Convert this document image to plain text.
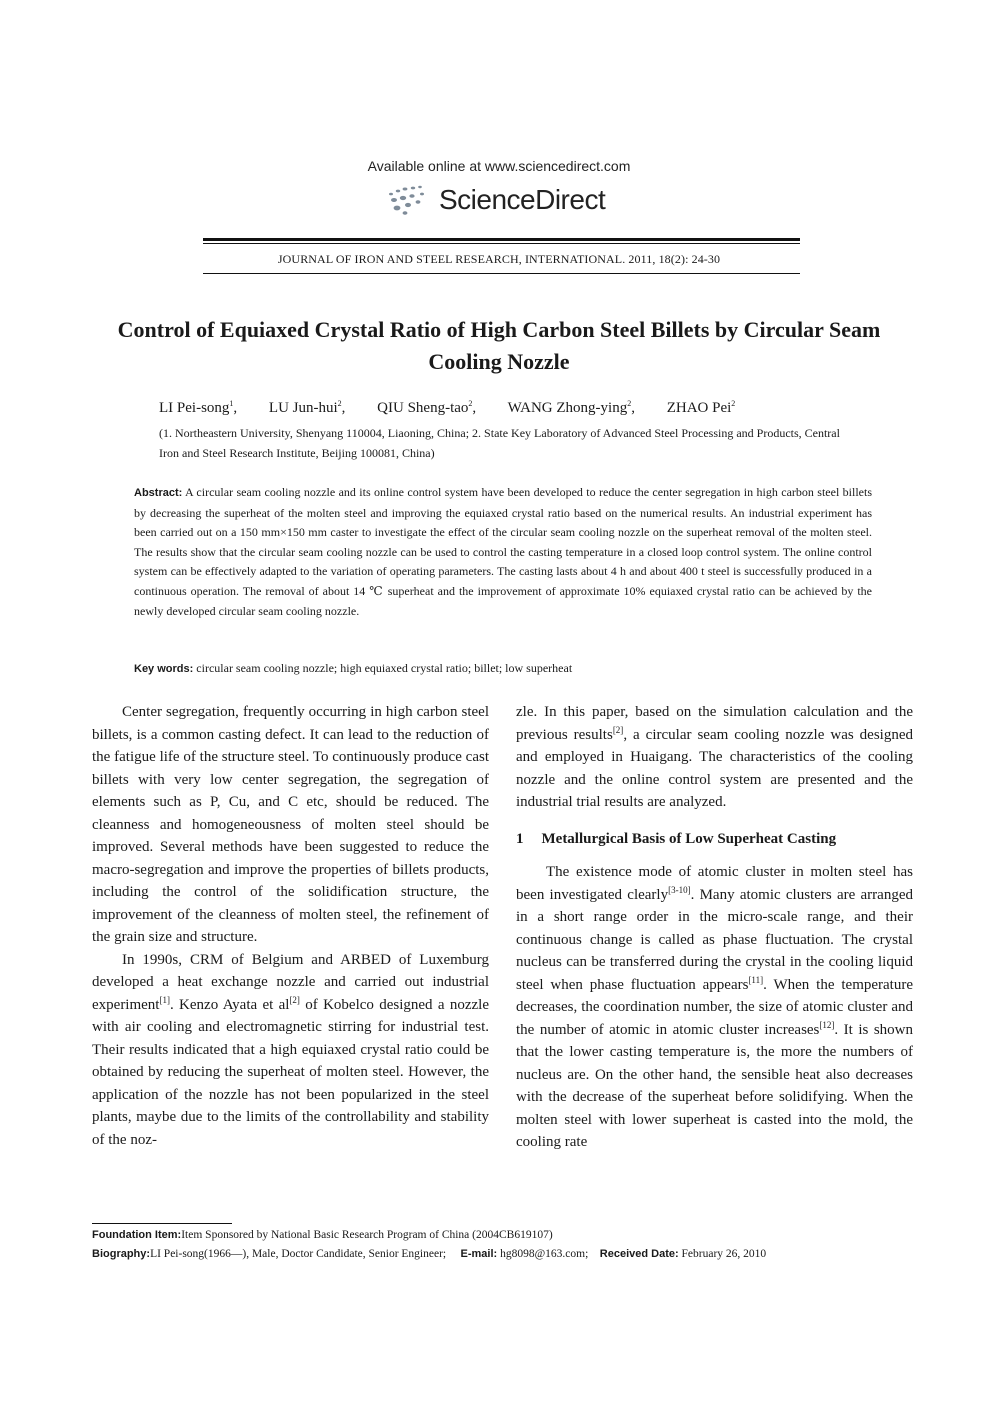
Available online at www.sciencedirect.com
ScienceDirect
JOURNAL OF IRON AND STEEL RESEARCH, INTERNATIONAL. 2011, 18(2): 24-30
Control of Equiaxed Crystal Ratio of High Carbon Steel Billets by Circular Seam Cooling Nozzle
LI Pei-song$^1$, LU Jun-hui$^2$, QIU Sheng-tao$^2$, WANG Zhong-ying$^2$, ZHAO Pei$^2$
(1. Northeastern University, Shenyang 110004, Liaoning, China; 2. State Key Laboratory of Advanced Steel Processing and Products, Central Iron and Steel Research Institute, Beijing 100081, China)
Abstract: A circular seam cooling nozzle and its online control system have been developed to reduce the center segregation in high carbon steel billets by decreasing the superheat of the molten steel and improving the equiaxed crystal ratio based on the numerical results. An industrial experiment has been carried out on a 150 mm×150 mm caster to investigate the effect of the circular seam cooling nozzle on the superheat removal of the molten steel. The results show that the circular seam cooling nozzle can be used to control the casting temperature in a closed loop control system. The online control system can be effectively adapted to the variation of operating parameters. The casting lasts about 4 h and about 400 t steel is successfully produced in a continuous operation. The removal of about 14 ℃ superheat and the improvement of approximate 10% equiaxed crystal ratio can be achieved by the newly developed circular seam cooling nozzle.
Key words: circular seam cooling nozzle; high equiaxed crystal ratio; billet; low superheat

Center segregation, frequently occurring in high carbon steel billets, is a common casting defect. It can lead to the reduction of the fatigue life of the structure steel. To continuously produce cast billets with very low center segregation, the segregation of elements such as P, Cu, and C etc, should be reduced. The cleanness and homogeneousness of molten steel should be improved. Several methods have been suggested to reduce the macro-segregation and improve the properties of billets products, including the control of the solidification structure, the improvement of the cleanness of molten steel, the refinement of the grain size and structure.

In 1990s, CRM of Belgium and ARBED of Luxemburg developed a heat exchange nozzle and carried out industrial experiment[1]. Kenzo Ayata et al[2] of Kobelco designed a nozzle with air cooling and electromagnetic stirring for industrial test. Their results indicated that a high equiaxed crystal ratio could be obtained by reducing the superheat of molten steel. However, the application of the nozzle has not been popularized in the steel plants, maybe due to the limits of the controllability and stability of the noz-

zle. In this paper, based on the simulation calculation and the previous results[2], a circular seam cooling nozzle was designed and employed in Huaigang. The characteristics of the cooling nozzle and the online control system are presented and the industrial trial results are analyzed.

1 Metallurgical Basis of Low Superheat Casting

The existence mode of atomic cluster in molten steel has been investigated clearly[3-10]. Many atomic clusters are arranged in a short range order in the micro-scale range, and their continuous change is called as phase fluctuation. The crystal nucleus can be transferred during the crystal in the cooling liquid steel when phase fluctuation appears[11]. When the temperature decreases, the coordination number, the size of atomic cluster and the number of atomic in atomic cluster increases[12]. It is shown that the lower casting temperature is, the more the numbers of nucleus are. On the other hand, the sensible heat also decreases with the decrease of the superheat before solidifying. When the molten steel with lower superheat is casted into the mold, the cooling rate

Foundation Item:Item Sponsored by National Basic Research Program of China (2004CB619107)
Biography:LI Pei-song(1966—), Male, Doctor Candidate, Senior Engineer; E-mail: hg8098@163.com; Received Date: February 26, 2010
